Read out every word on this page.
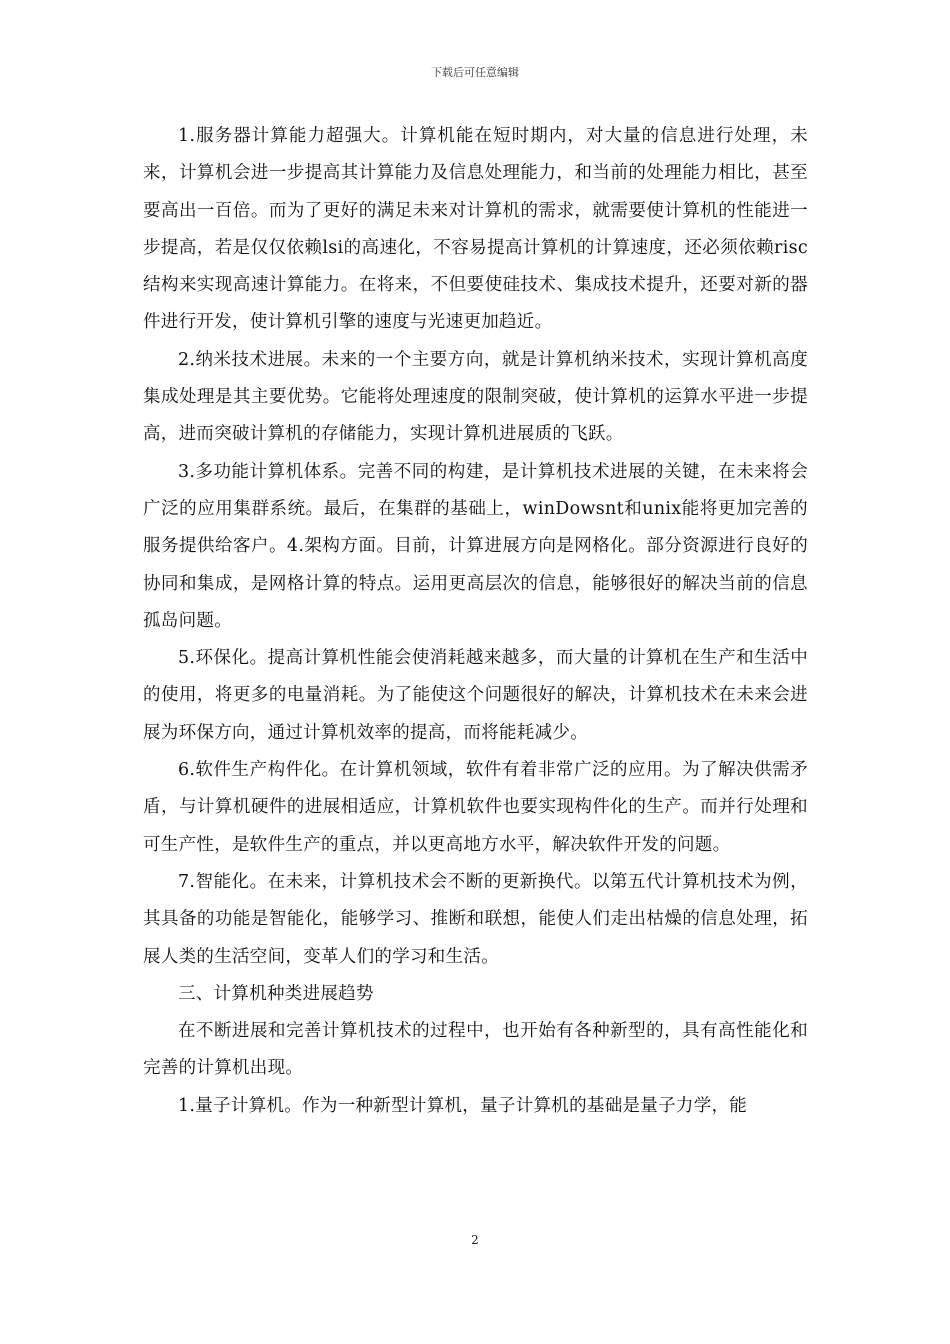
下载后可任意编辑

1.服务器计算能力超强大。计算机能在短时期内，对大量的信息进行处理，未来，计算机会进一步提高其计算能力及信息处理能力，和当前的处理能力相比，甚至要高出一百倍。而为了更好的满足未来对计算机的需求，就需要使计算机的性能进一步提高，若是仅仅依赖lsi的高速化，不容易提高计算机的计算速度，还必须依赖risc结构来实现高速计算能力。在将来，不但要使硅技术、集成技术提升，还要对新的器件进行开发，使计算机引擎的速度与光速更加趋近。

2.纳米技术进展。未来的一个主要方向，就是计算机纳米技术，实现计算机高度集成处理是其主要优势。它能将处理速度的限制突破，使计算机的运算水平进一步提高，进而突破计算机的存储能力，实现计算机进展质的飞跃。

3.多功能计算机体系。完善不同的构建，是计算机技术进展的关键，在未来将会广泛的应用集群系统。最后，在集群的基础上，winDowsnt和unix能将更加完善的服务提供给客户。4.架构方面。目前，计算进展方向是网格化。部分资源进行良好的协同和集成，是网格计算的特点。运用更高层次的信息，能够很好的解决当前的信息孤岛问题。

5.环保化。提高计算机性能会使消耗越来越多，而大量的计算机在生产和生活中的使用，将更多的电量消耗。为了能使这个问题很好的解决，计算机技术在未来会进展为环保方向，通过计算机效率的提高，而将能耗减少。

6.软件生产构件化。在计算机领域，软件有着非常广泛的应用。为了解决供需矛盾，与计算机硬件的进展相适应，计算机软件也要实现构件化的生产。而并行处理和可生产性，是软件生产的重点，并以更高地方水平，解决软件开发的问题。

7.智能化。在未来，计算机技术会不断的更新换代。以第五代计算机技术为例，其具备的功能是智能化，能够学习、推断和联想，能使人们走出枯燥的信息处理，拓展人类的生活空间，变革人们的学习和生活。

三、计算机种类进展趋势

在不断进展和完善计算机技术的过程中，也开始有各种新型的，具有高性能化和完善的计算机出现。

1.量子计算机。作为一种新型计算机，量子计算机的基础是量子力学，能

2
